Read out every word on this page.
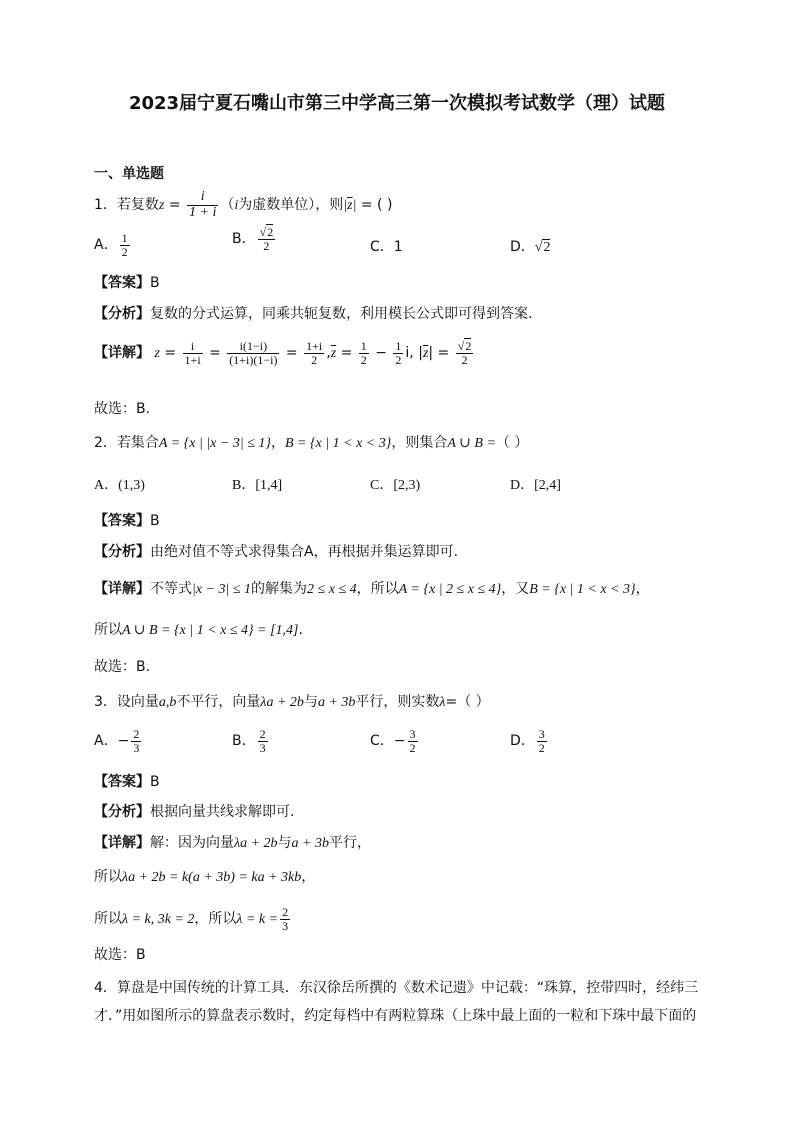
2023届宁夏石嘴山市第三中学高三第一次模拟考试数学（理）试题
一、单选题
1．若复数$z = \frac{i}{1 + i} (i$为虚数单位），则$|\overline{z}|$ = ( )
A． $\frac{1}{2}$	B． $\frac{√2}{2}$	C．1	D．√2
【答案】B
【分析】复数的分式运算，同乘共轭复数，利用模长公式即可得到答案.
【详解】 $z = \frac{i}{1+i} = \frac{i(1-i)}{(1+i)(1-i)} = \frac{1+i}{2} ,\overline{z} = \frac{1}{2} - \frac{1}{2} i$, $|\overline{z}| = \frac{√2}{2}$
故选：B.
2．若集合A = {x | |x − 3| ≤ 1}，B = {x | 1 < x < 3}，则集合A ∪ B =（ ）
A．(1,3)	B．[1,4]	C．[2,3)	D．[2,4]
【答案】B
【分析】由绝对值不等式求得集合A，再根据并集运算即可.
【详解】不等式|x − 3| ≤ 1的解集为2 ≤ x ≤ 4，所以A = {x | 2 ≤ x ≤ 4}，又B = {x | 1 < x < 3}，
所以A ∪ B = {x | 1 < x ≤ 4} = [1,4].
故选：B.
3．设向量a,b不平行，向量λa + 2b与a + 3b平行，则实数λ=（ ）
A．− $\frac{2}{3}$	B． $\frac{2}{3}$	C．− $\frac{3}{2}$	D． $\frac{3}{2}$
【答案】B
【分析】根据向量共线求解即可.
【详解】解：因为向量λa + 2b与a + 3b平行，
所以λa + 2b = k(a + 3b) = ka + 3kb，
所以λ = k, 3k = 2，所以$\lambda = k = \frac{2}{3}$
故选：B
4．算盘是中国传统的计算工具．东汉徐岳所撰的《数术记遗》中记载：“珠算，控带四时，经纬三才．”用如图所示的算盘表示数时，约定每档中有两粒算珠（上珠中最上面的一粒和下珠中最下面的
